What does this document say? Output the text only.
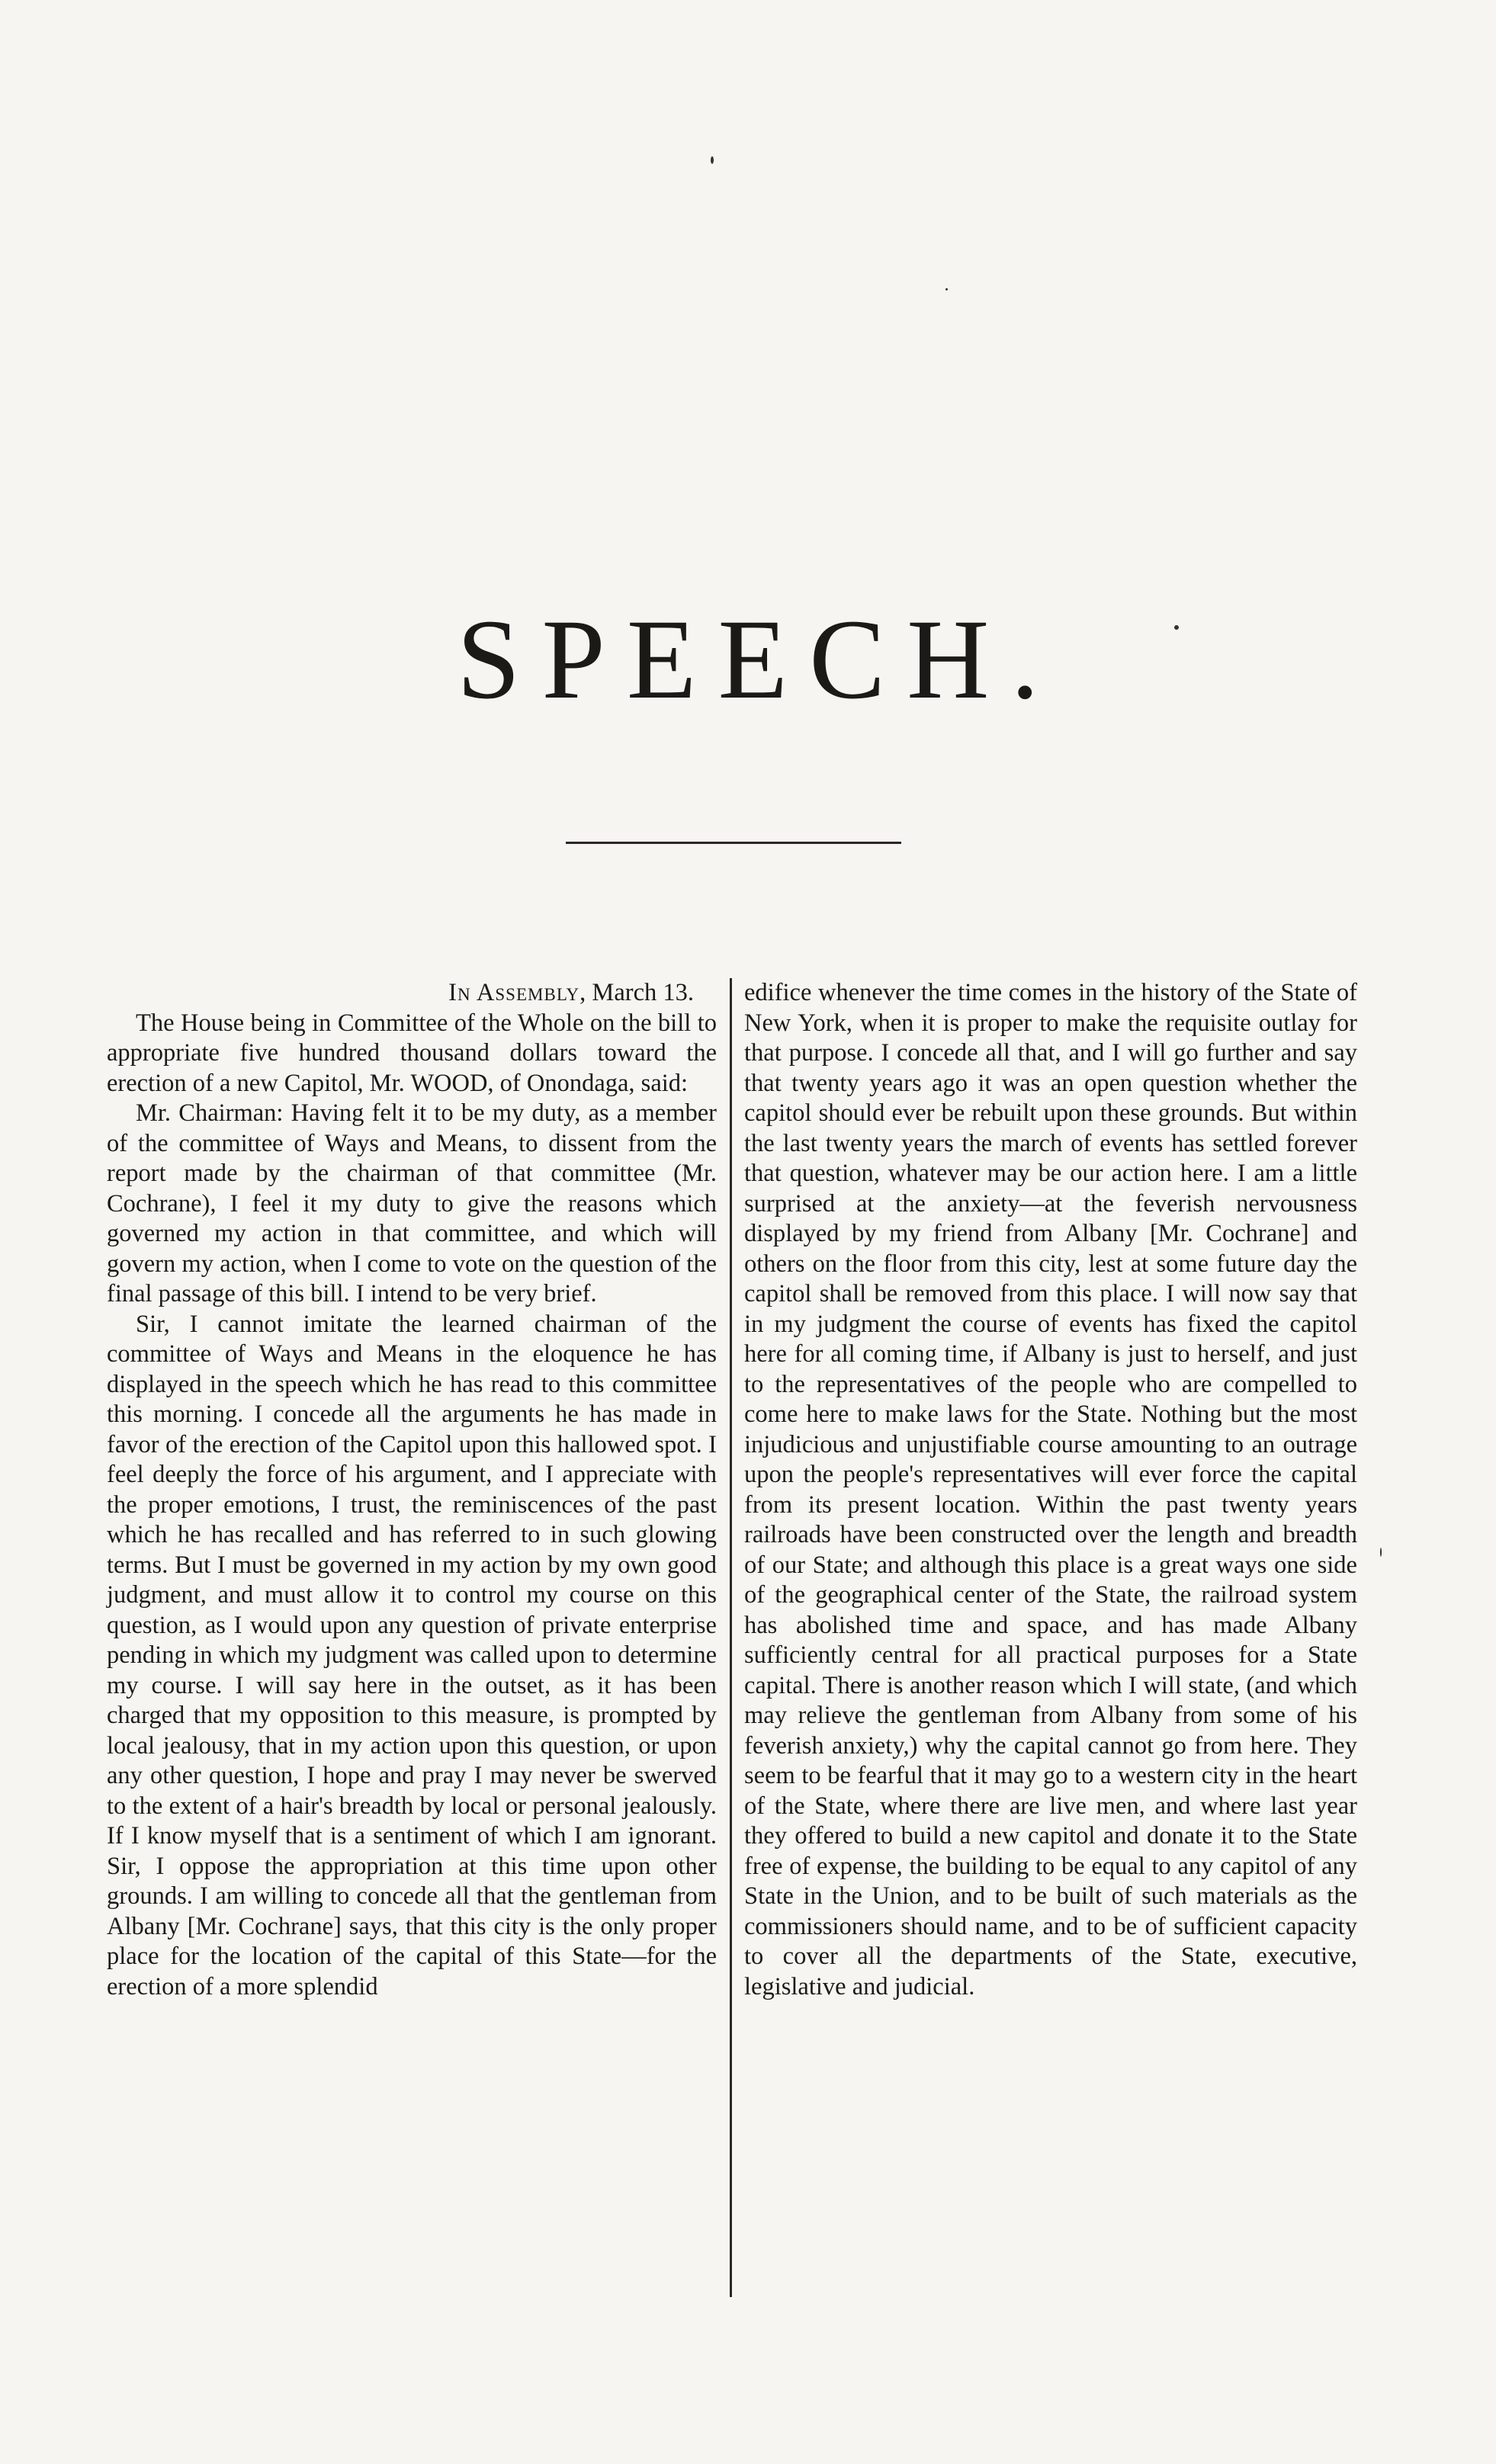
SPEECH.
In Assembly, March 13.

The House being in Committee of the Whole on the bill to appropriate five hundred thousand dollars toward the erection of a new Capitol, Mr. WOOD, of Onondaga, said:

Mr. Chairman: Having felt it to be my duty, as a member of the committee of Ways and Means, to dissent from the report made by the chairman of that committee (Mr. Cochrane), I feel it my duty to give the reasons which governed my action in that committee, and which will govern my action, when I come to vote on the question of the final passage of this bill. I intend to be very brief.

Sir, I cannot imitate the learned chairman of the committee of Ways and Means in the eloquence he has displayed in the speech which he has read to this committee this morning. I concede all the arguments he has made in favor of the erection of the Capitol upon this hallowed spot. I feel deeply the force of his argument, and I appreciate with the proper emotions, I trust, the reminiscences of the past which he has recalled and has referred to in such glowing terms. But I must be governed in my action by my own good judgment, and must allow it to control my course on this question, as I would upon any question of private enterprise pending in which my judgment was called upon to determine my course. I will say here in the outset, as it has been charged that my opposition to this measure, is prompted by local jealousy, that in my action upon this question, or upon any other question, I hope and pray I may never be swerved to the extent of a hair's breadth by local or personal jealously. If I know myself that is a sentiment of which I am ignorant. Sir, I oppose the appropriation at this time upon other grounds. I am willing to concede all that the gentleman from Albany [Mr. Cochrane] says, that this city is the only proper place for the location of the capital of this State—for the erection of a more splendid

edifice whenever the time comes in the history of the State of New York, when it is proper to make the requisite outlay for that purpose. I concede all that, and I will go further and say that twenty years ago it was an open question whether the capitol should ever be rebuilt upon these grounds. But within the last twenty years the march of events has settled forever that question, whatever may be our action here. I am a little surprised at the anxiety—at the feverish nervousness displayed by my friend from Albany [Mr. Cochrane] and others on the floor from this city, lest at some future day the capitol shall be removed from this place. I will now say that in my judgment the course of events has fixed the capitol here for all coming time, if Albany is just to herself, and just to the representatives of the people who are compelled to come here to make laws for the State. Nothing but the most injudicious and unjustifiable course amounting to an outrage upon the people's representatives will ever force the capital from its present location. Within the past twenty years railroads have been constructed over the length and breadth of our State; and although this place is a great ways one side of the geographical center of the State, the railroad system has abolished time and space, and has made Albany sufficiently central for all practical purposes for a State capital. There is another reason which I will state, (and which may relieve the gentleman from Albany from some of his feverish anxiety,) why the capital cannot go from here. They seem to be fearful that it may go to a western city in the heart of the State, where there are live men, and where last year they offered to build a new capitol and donate it to the State free of expense, the building to be equal to any capitol of any State in the Union, and to be built of such materials as the commissioners should name, and to be of sufficient capacity to cover all the departments of the State, executive, legislative and judicial.
